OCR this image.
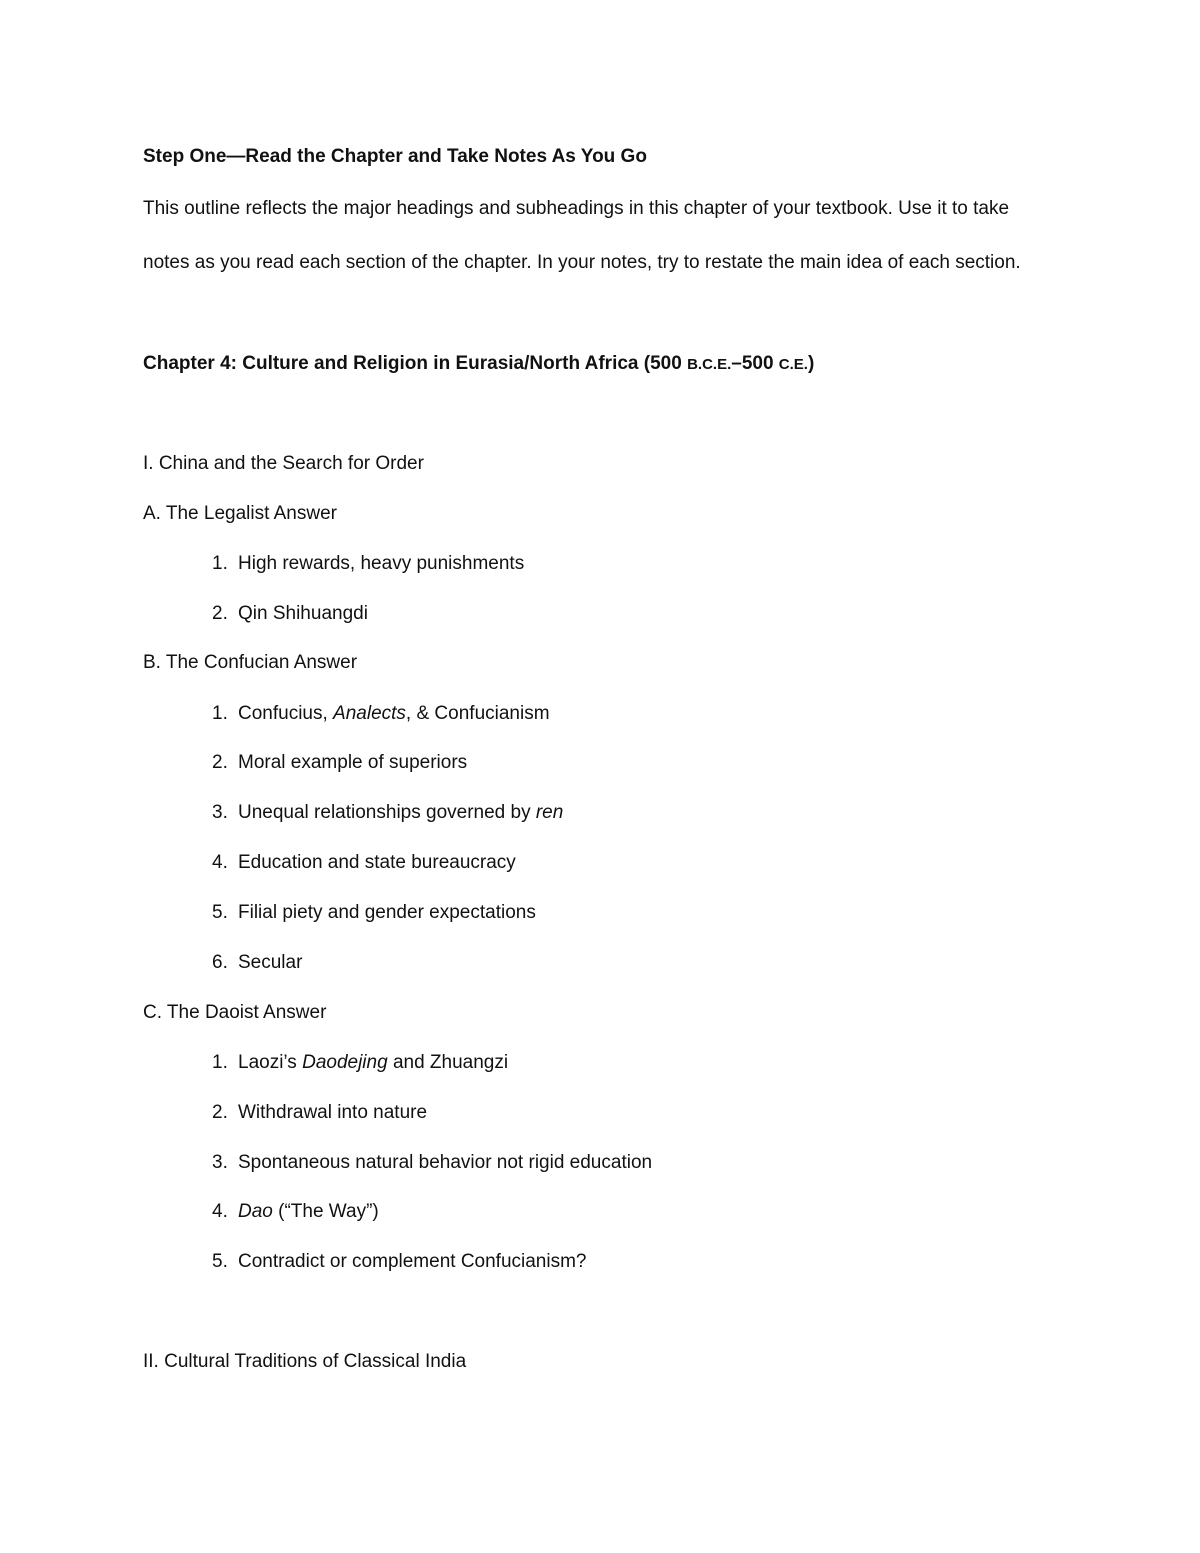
Step One—Read the Chapter and Take Notes As You Go
This outline reflects the major headings and subheadings in this chapter of your textbook. Use it to take
notes as you read each section of the chapter. In your notes, try to restate the main idea of each section.
Chapter 4: Culture and Religion in Eurasia/North Africa (500 B.C.E.–500 C.E.)
I. China and the Search for Order
A. The Legalist Answer
1. High rewards, heavy punishments
2. Qin Shihuangdi
B. The Confucian Answer
1. Confucius, Analects, & Confucianism
2. Moral example of superiors
3. Unequal relationships governed by ren
4. Education and state bureaucracy
5. Filial piety and gender expectations
6. Secular
C. The Daoist Answer
1. Laozi’s Daodejing and Zhuangzi
2. Withdrawal into nature
3. Spontaneous natural behavior not rigid education
4. Dao (“The Way”)
5. Contradict or complement Confucianism?
II. Cultural Traditions of Classical India
